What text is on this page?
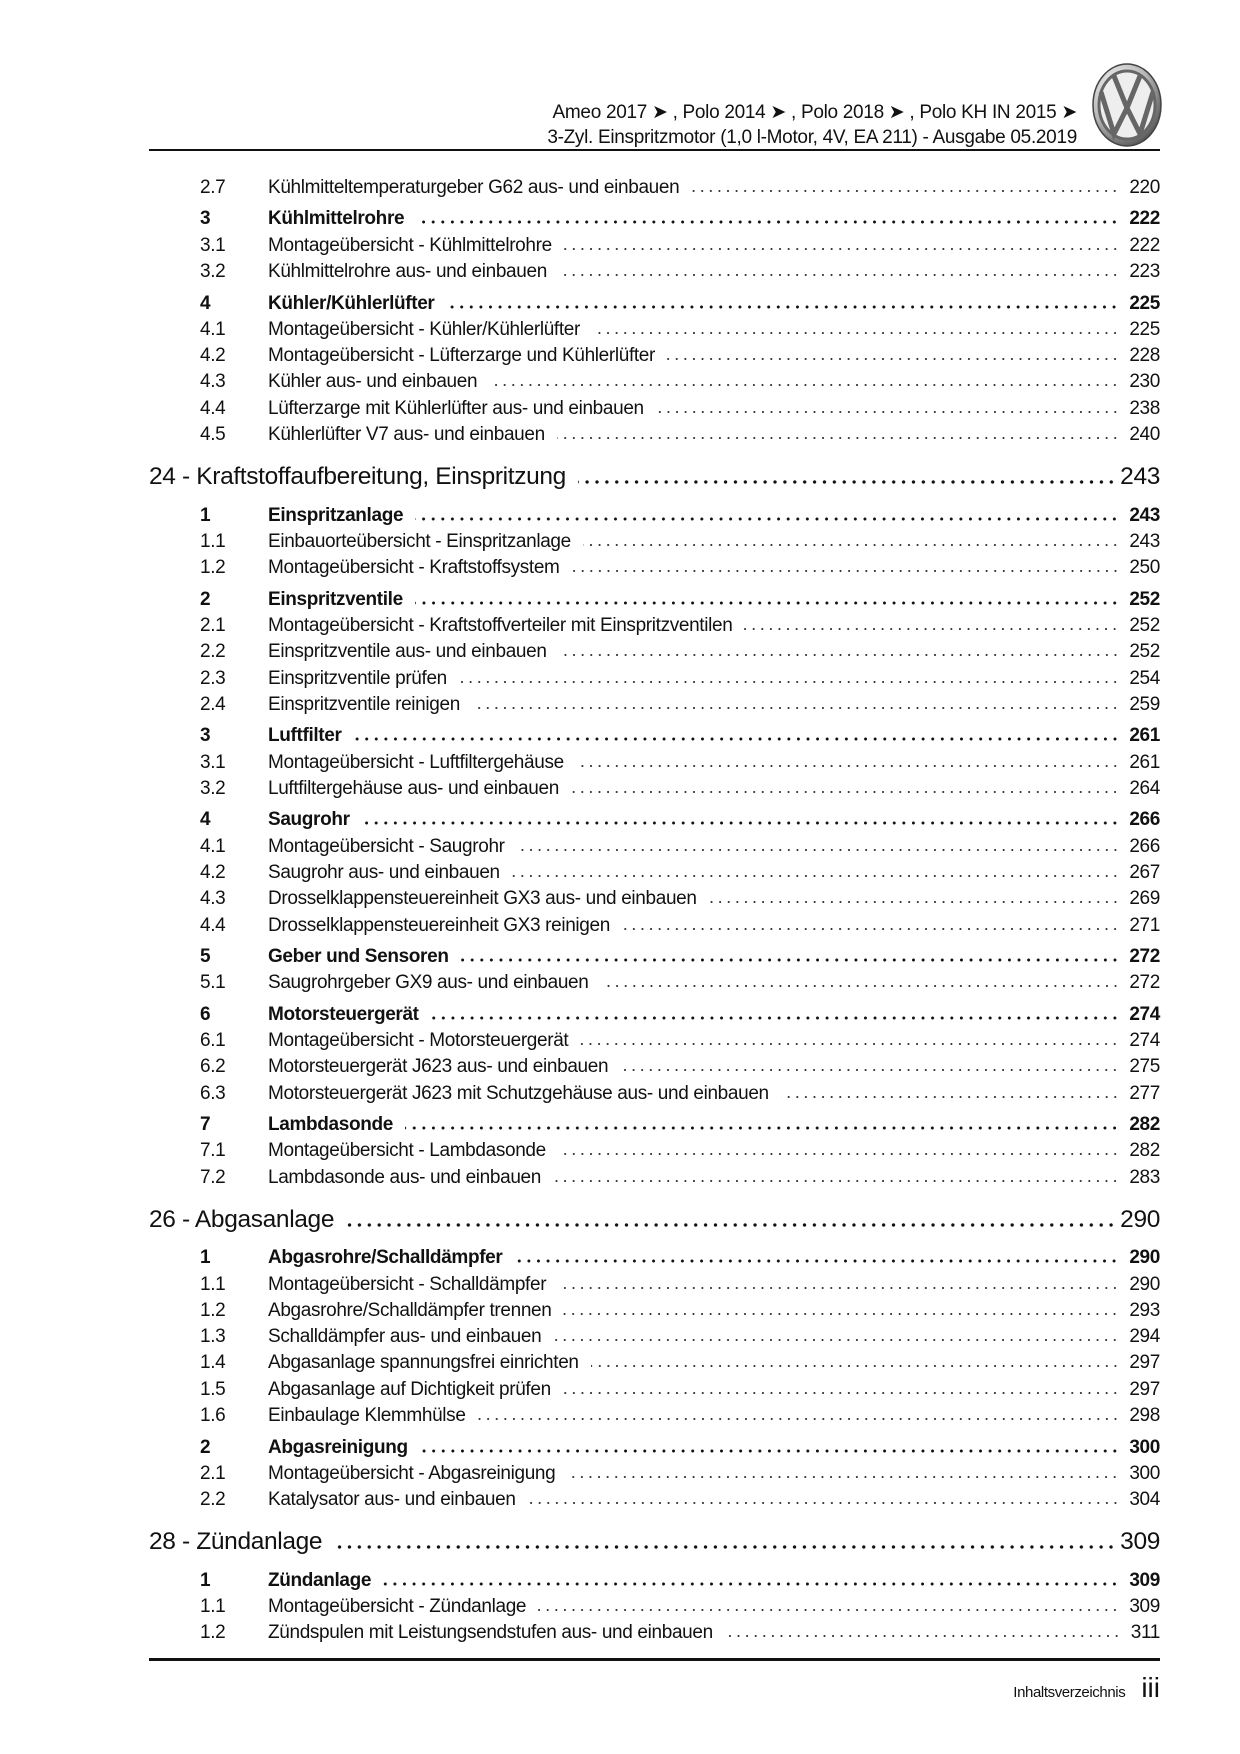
Ameo 2017 ➤ , Polo 2014 ➤ , Polo 2018 ➤ , Polo KH IN 2015 ➤
3-Zyl. Einspritzmotor (1,0 l-Motor, 4V, EA 211) - Ausgabe 05.2019
2.7	Kühlmitteltemperaturgeber G62 aus- und einbauen	220
3	Kühlmittelrohre	222
3.1	Montageübersicht - Kühlmittelrohre	222
3.2	Kühlmittelrohre aus- und einbauen	223
4	Kühler/Kühlerlüfter	225
4.1	Montageübersicht - Kühler/Kühlerlüfter	225
4.2	Montageübersicht - Lüfterzarge und Kühlerlüfter	228
4.3	Kühler aus- und einbauen	230
4.4	Lüfterzarge mit Kühlerlüfter aus- und einbauen	238
4.5	Kühlerlüfter V7 aus- und einbauen	240
24 - Kraftstoffaufbereitung, Einspritzung	243
1	Einspritzanlage	243
1.1	Einbauorteübersicht - Einspritzanlage	243
1.2	Montageübersicht - Kraftstoffsystem	250
2	Einspritzventile	252
2.1	Montageübersicht - Kraftstoffverteiler mit Einspritzventilen	252
2.2	Einspritzventile aus- und einbauen	252
2.3	Einspritzventile prüfen	254
2.4	Einspritzventile reinigen	259
3	Luftfilter	261
3.1	Montageübersicht - Luftfiltergehäuse	261
3.2	Luftfiltergehäuse aus- und einbauen	264
4	Saugrohr	266
4.1	Montageübersicht - Saugrohr	266
4.2	Saugrohr aus- und einbauen	267
4.3	Drosselklappensteuereinheit GX3 aus- und einbauen	269
4.4	Drosselklappensteuereinheit GX3 reinigen	271
5	Geber und Sensoren	272
5.1	Saugrohrgeber GX9 aus- und einbauen	272
6	Motorsteuergerät	274
6.1	Montageübersicht - Motorsteuergerät	274
6.2	Motorsteuergerät J623 aus- und einbauen	275
6.3	Motorsteuergerät J623 mit Schutzgehäuse aus- und einbauen	277
7	Lambdasonde	282
7.1	Montageübersicht - Lambdasonde	282
7.2	Lambdasonde aus- und einbauen	283
26 - Abgasanlage	290
1	Abgasrohre/Schalldämpfer	290
1.1	Montageübersicht - Schalldämpfer	290
1.2	Abgasrohre/Schalldämpfer trennen	293
1.3	Schalldämpfer aus- und einbauen	294
1.4	Abgasanlage spannungsfrei einrichten	297
1.5	Abgasanlage auf Dichtigkeit prüfen	297
1.6	Einbaulage Klemmhülse	298
2	Abgasreinigung	300
2.1	Montageübersicht - Abgasreinigung	300
2.2	Katalysator aus- und einbauen	304
28 - Zündanlage	309
1	Zündanlage	309
1.1	Montageübersicht - Zündanlage	309
1.2	Zündspulen mit Leistungsendstufen aus- und einbauen	311
Inhaltsverzeichnis iii
